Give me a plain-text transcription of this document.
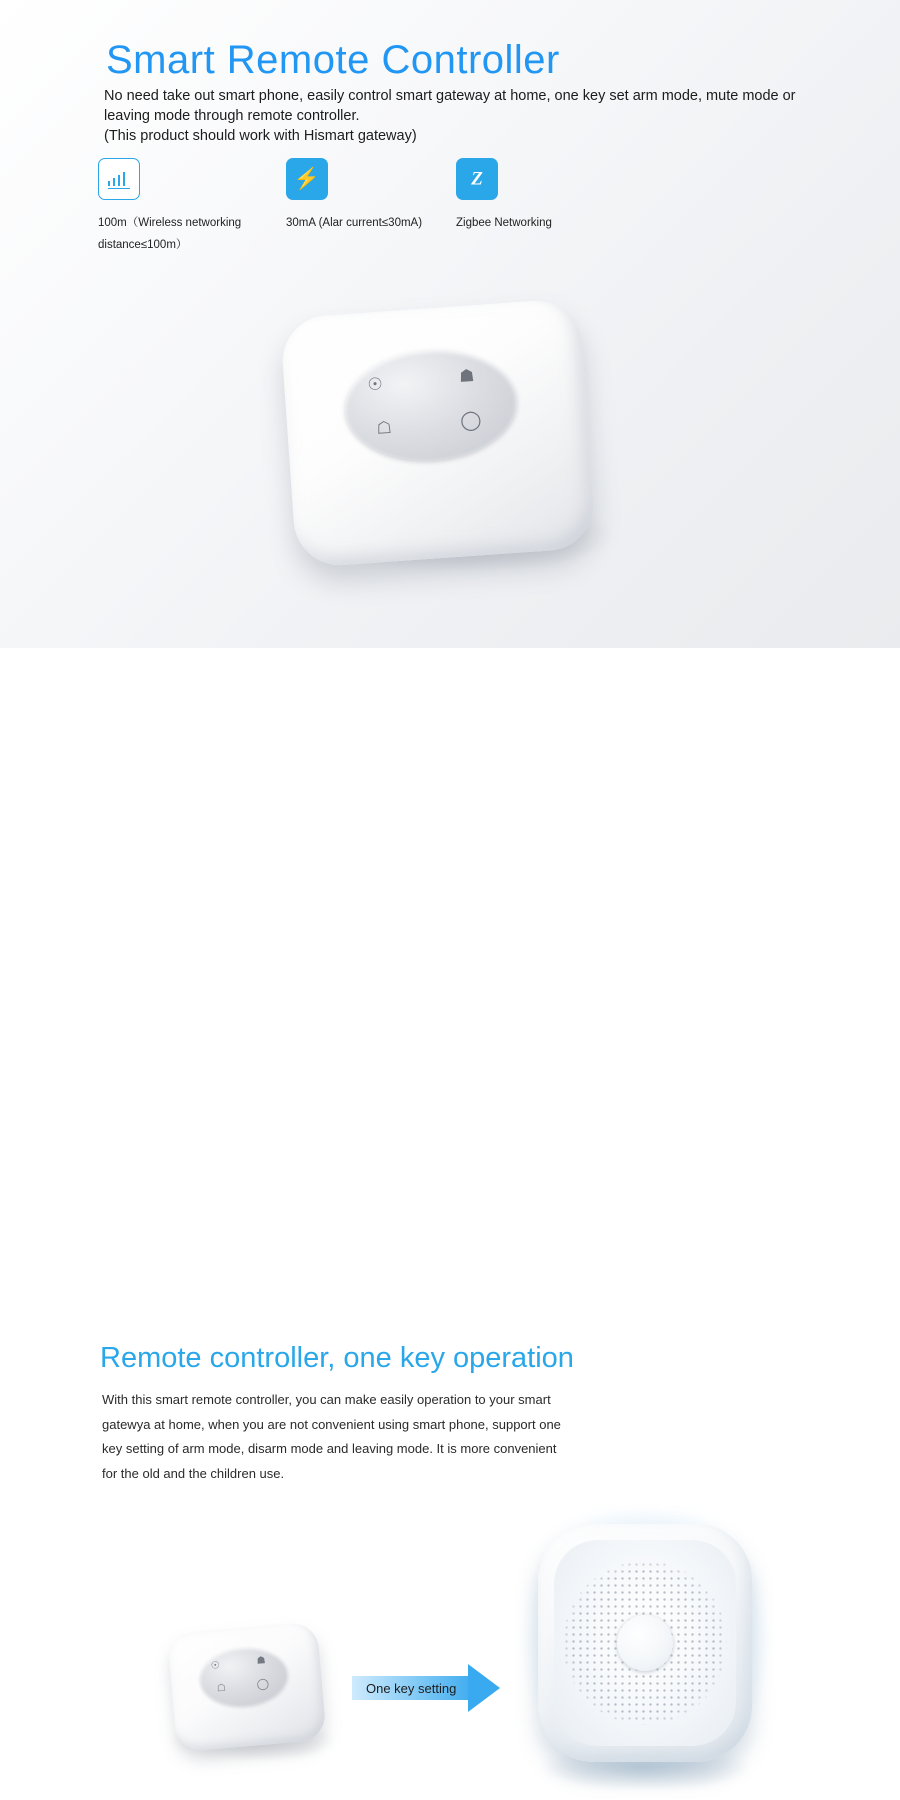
Smart Remote Controller
No need take out smart phone, easily control smart gateway at home, one key set arm mode, mute mode or leaving mode through remote controller.
(This product should work with Hismart gateway)
100m（Wireless networking distance≤100m）
⚡
30mA (Alar current≤30mA)
Z
Zigbee Networking
☉	☗
☖	◯
Remote controller, one key operation
With this smart remote controller, you can make easily operation to your smart gatewya at home, when you are not convenient using smart phone, support one key setting of arm mode, disarm mode and leaving mode. It is more convenient for the old and the children use.
☉	☗
☖	◯	One key setting
